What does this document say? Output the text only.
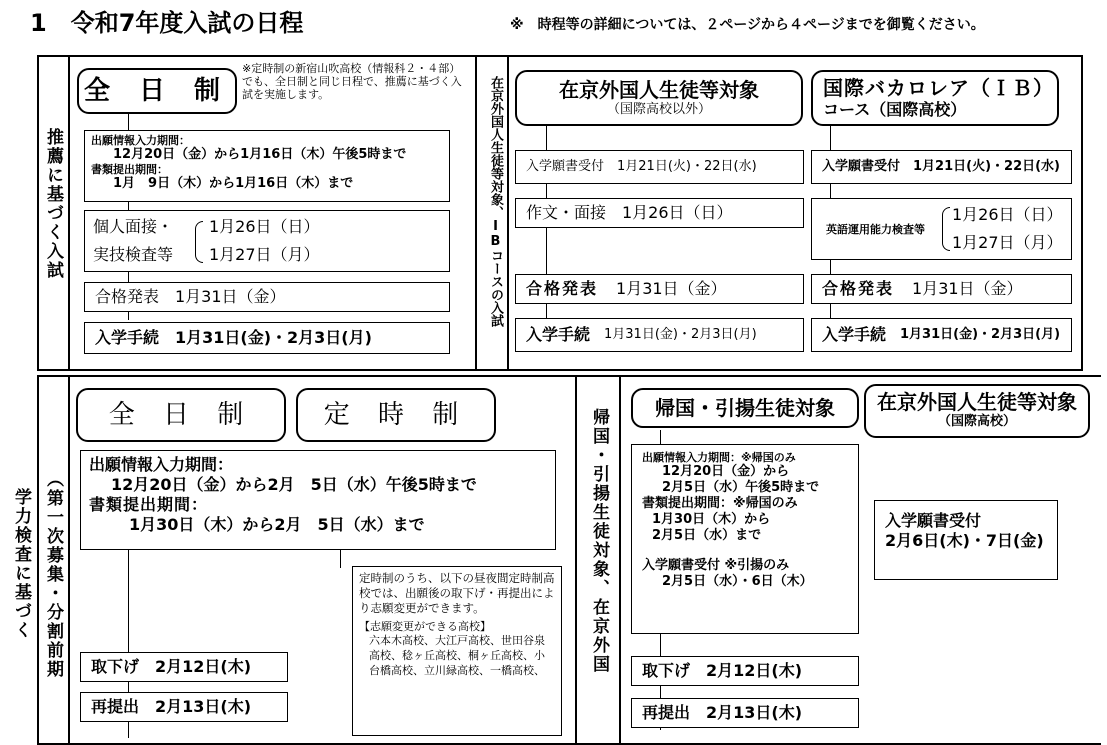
1　令和7年度入試の日程	※　時程等の詳細については、２ページから４ページまでを御覧ください。
推薦に基づく入試
全 日 制
※定時制の新宿山吹高校（情報科２・４部）でも、全日制と同じ日程で、推薦に基づく入試を実施します。
出願情報入力期間：
12月20日（金）から1月16日（木）午後5時まで
書類提出期間：
1月　9日（木）から1月16日（木）まで
個人面接・
実技検査等
1月26日（日）
1月27日（月）
合格発表　1月31日（金）
入学手続　1月31日(金)・2月3日(月)
在京外国人生徒等対象、IBコースの入試	在京外国人生徒等対象
（国際高校以外）
国際バカロレア（ＩＢ）
コース（国際高校）
入学願書受付　1月21日(火)・22日(水)	入学願書受付　1月21日(火)・22日(水)
作文・面接　1月26日（日）
英語運用能力検査等
1月26日（日）
1月27日（月）
合格発表 1月31日（金）	合格発表 1月31日（金）
入学手続 1月31日(金)・2月3日(月)	入学手続 1月31日(金)・2月3日(月)
学力検査に基づく （第一次募集・分割前期
全 日 制	定 時 制
出願情報入力期間：
12月20日（金）から2月　5日（水）午後5時まで
書類提出期間：
1月30日（木）から2月　5日（水）まで
定時制のうち、以下の昼夜間定時制高校では、出願後の取下げ・再提出により志願変更ができます。
【志願変更ができる高校】
六本木高校、大江戸高校、世田谷泉高校、稔ヶ丘高校、桐ヶ丘高校、小台橋高校、立川緑高校、一橋高校、
取下げ　2月12日(木)
再提出　2月13日(木)
帰国・引揚生徒対象、在京外国 帰国・引揚生徒対象
出願情報入力期間：※帰国のみ
12月20日（金）から
2月5日（水）午後5時まで
書類提出期間：※帰国のみ
1月30日（木）から
2月5日（水）まで
入学願書受付 ※引揚のみ
2月5日（水）・6日（木）
取下げ　2月12日(木)
再提出　2月13日(木)
在京外国人生徒等対象
（国際高校）
入学願書受付
2月6日(木)・7日(金)
